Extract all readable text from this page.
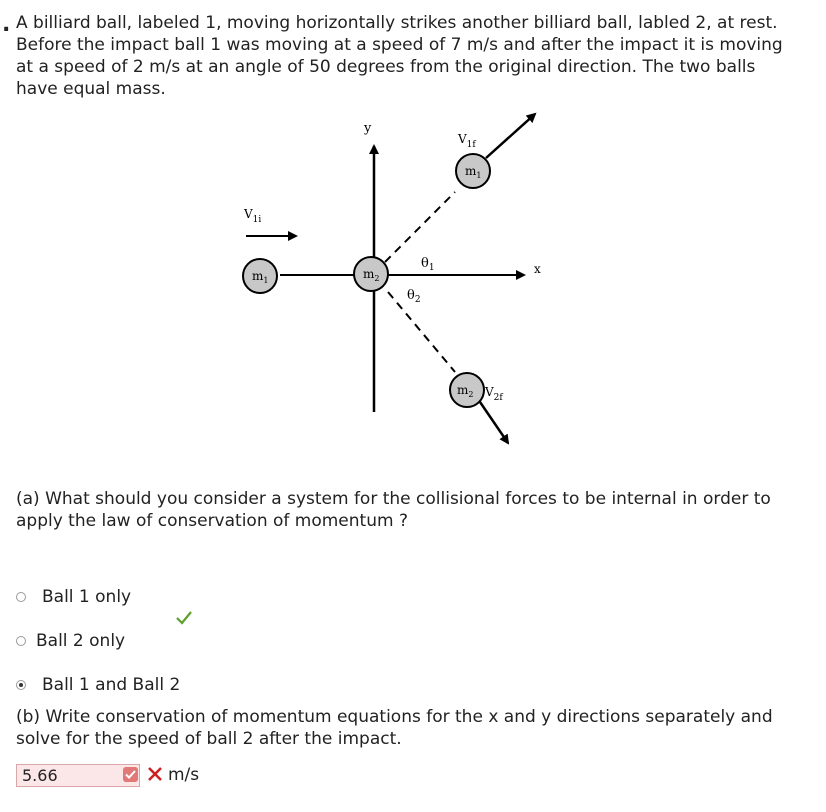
. A billiard ball, labeled 1, moving horizontally strikes another billiard ball, labled 2, at rest. Before the impact ball 1 was moving at a speed of 7 m/s and after the impact it is moving at a speed of 2 m/s at an angle of 50 degrees from the original direction. The two balls have equal mass.

y
x
$V_{1i}$
$m_1$	$m_2$
$m_1$
$V_{1f}$
$\theta_1$
$\theta_2$
$m_2$ $V_{2f}$

(a) What should you consider a system for the collisional forces to be internal in order to apply the law of conservation of momentum ?

Ball 1 only
Ball 2 only
Ball 1 and Ball 2

(b) Write conservation of momentum equations for the x and y directions separately and solve for the speed of ball 2 after the impact.

5.66
m/s
